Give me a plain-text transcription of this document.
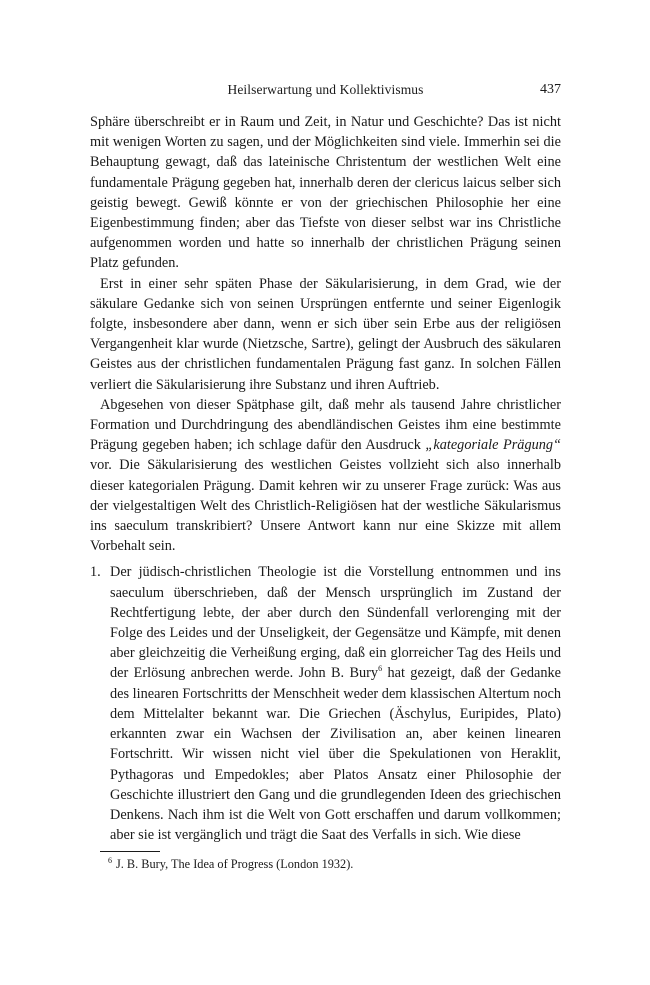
Heilserwartung und Kollektivismus	437

Sphäre überschreibt er in Raum und Zeit, in Natur und Geschichte? Das ist nicht mit wenigen Worten zu sagen, und der Möglichkeiten sind viele. Immerhin sei die Behauptung gewagt, daß das lateinische Christentum der westlichen Welt eine fundamentale Prägung gegeben hat, innerhalb deren der clericus laicus selber sich geistig bewegt. Gewiß könnte er von der griechischen Philosophie her eine Eigenbestimmung finden; aber das Tiefste von dieser selbst war ins Christliche aufgenommen worden und hatte so innerhalb der christlichen Prägung seinen Platz gefunden.

Erst in einer sehr späten Phase der Säkularisierung, in dem Grad, wie der säkulare Gedanke sich von seinen Ursprüngen entfernte und seiner Eigenlogik folgte, insbesondere aber dann, wenn er sich über sein Erbe aus der religiösen Vergangenheit klar wurde (Nietzsche, Sartre), gelingt der Ausbruch des säkularen Geistes aus der christlichen fundamentalen Prägung fast ganz. In solchen Fällen verliert die Säkularisierung ihre Substanz und ihren Auftrieb.

Abgesehen von dieser Spätphase gilt, daß mehr als tausend Jahre christlicher Formation und Durchdringung des abendländischen Geistes ihm eine bestimmte Prägung gegeben haben; ich schlage dafür den Ausdruck „kategoriale Prägung“ vor. Die Säkularisierung des westlichen Geistes vollzieht sich also innerhalb dieser kategorialen Prägung. Damit kehren wir zu unserer Frage zurück: Was aus der vielgestaltigen Welt des Christlich-Religiösen hat der westliche Säkularismus ins saeculum transkribiert? Unsere Antwort kann nur eine Skizze mit allem Vorbehalt sein.

1. Der jüdisch-christlichen Theologie ist die Vorstellung entnommen und ins saeculum überschrieben, daß der Mensch ursprünglich im Zustand der Rechtfertigung lebte, der aber durch den Sündenfall verlorenging mit der Folge des Leides und der Unseligkeit, der Gegensätze und Kämpfe, mit denen aber gleichzeitig die Verheißung erging, daß ein glorreicher Tag des Heils und der Erlösung anbrechen werde. John B. Bury$^6$ hat gezeigt, daß der Gedanke des linearen Fortschritts der Menschheit weder dem klassischen Altertum noch dem Mittelalter bekannt war. Die Griechen (Äschylus, Euripides, Plato) erkannten zwar ein Wachsen der Zivilisation an, aber keinen linearen Fortschritt. Wir wissen nicht viel über die Spekulationen von Heraklit, Pythagoras und Empedokles; aber Platos Ansatz einer Philosophie der Geschichte illustriert den Gang und die grundlegenden Ideen des griechischen Denkens. Nach ihm ist die Welt von Gott erschaffen und darum vollkommen; aber sie ist vergänglich und trägt die Saat des Verfalls in sich. Wie diese
$^6$ J. B. Bury, The Idea of Progress (London 1932).
